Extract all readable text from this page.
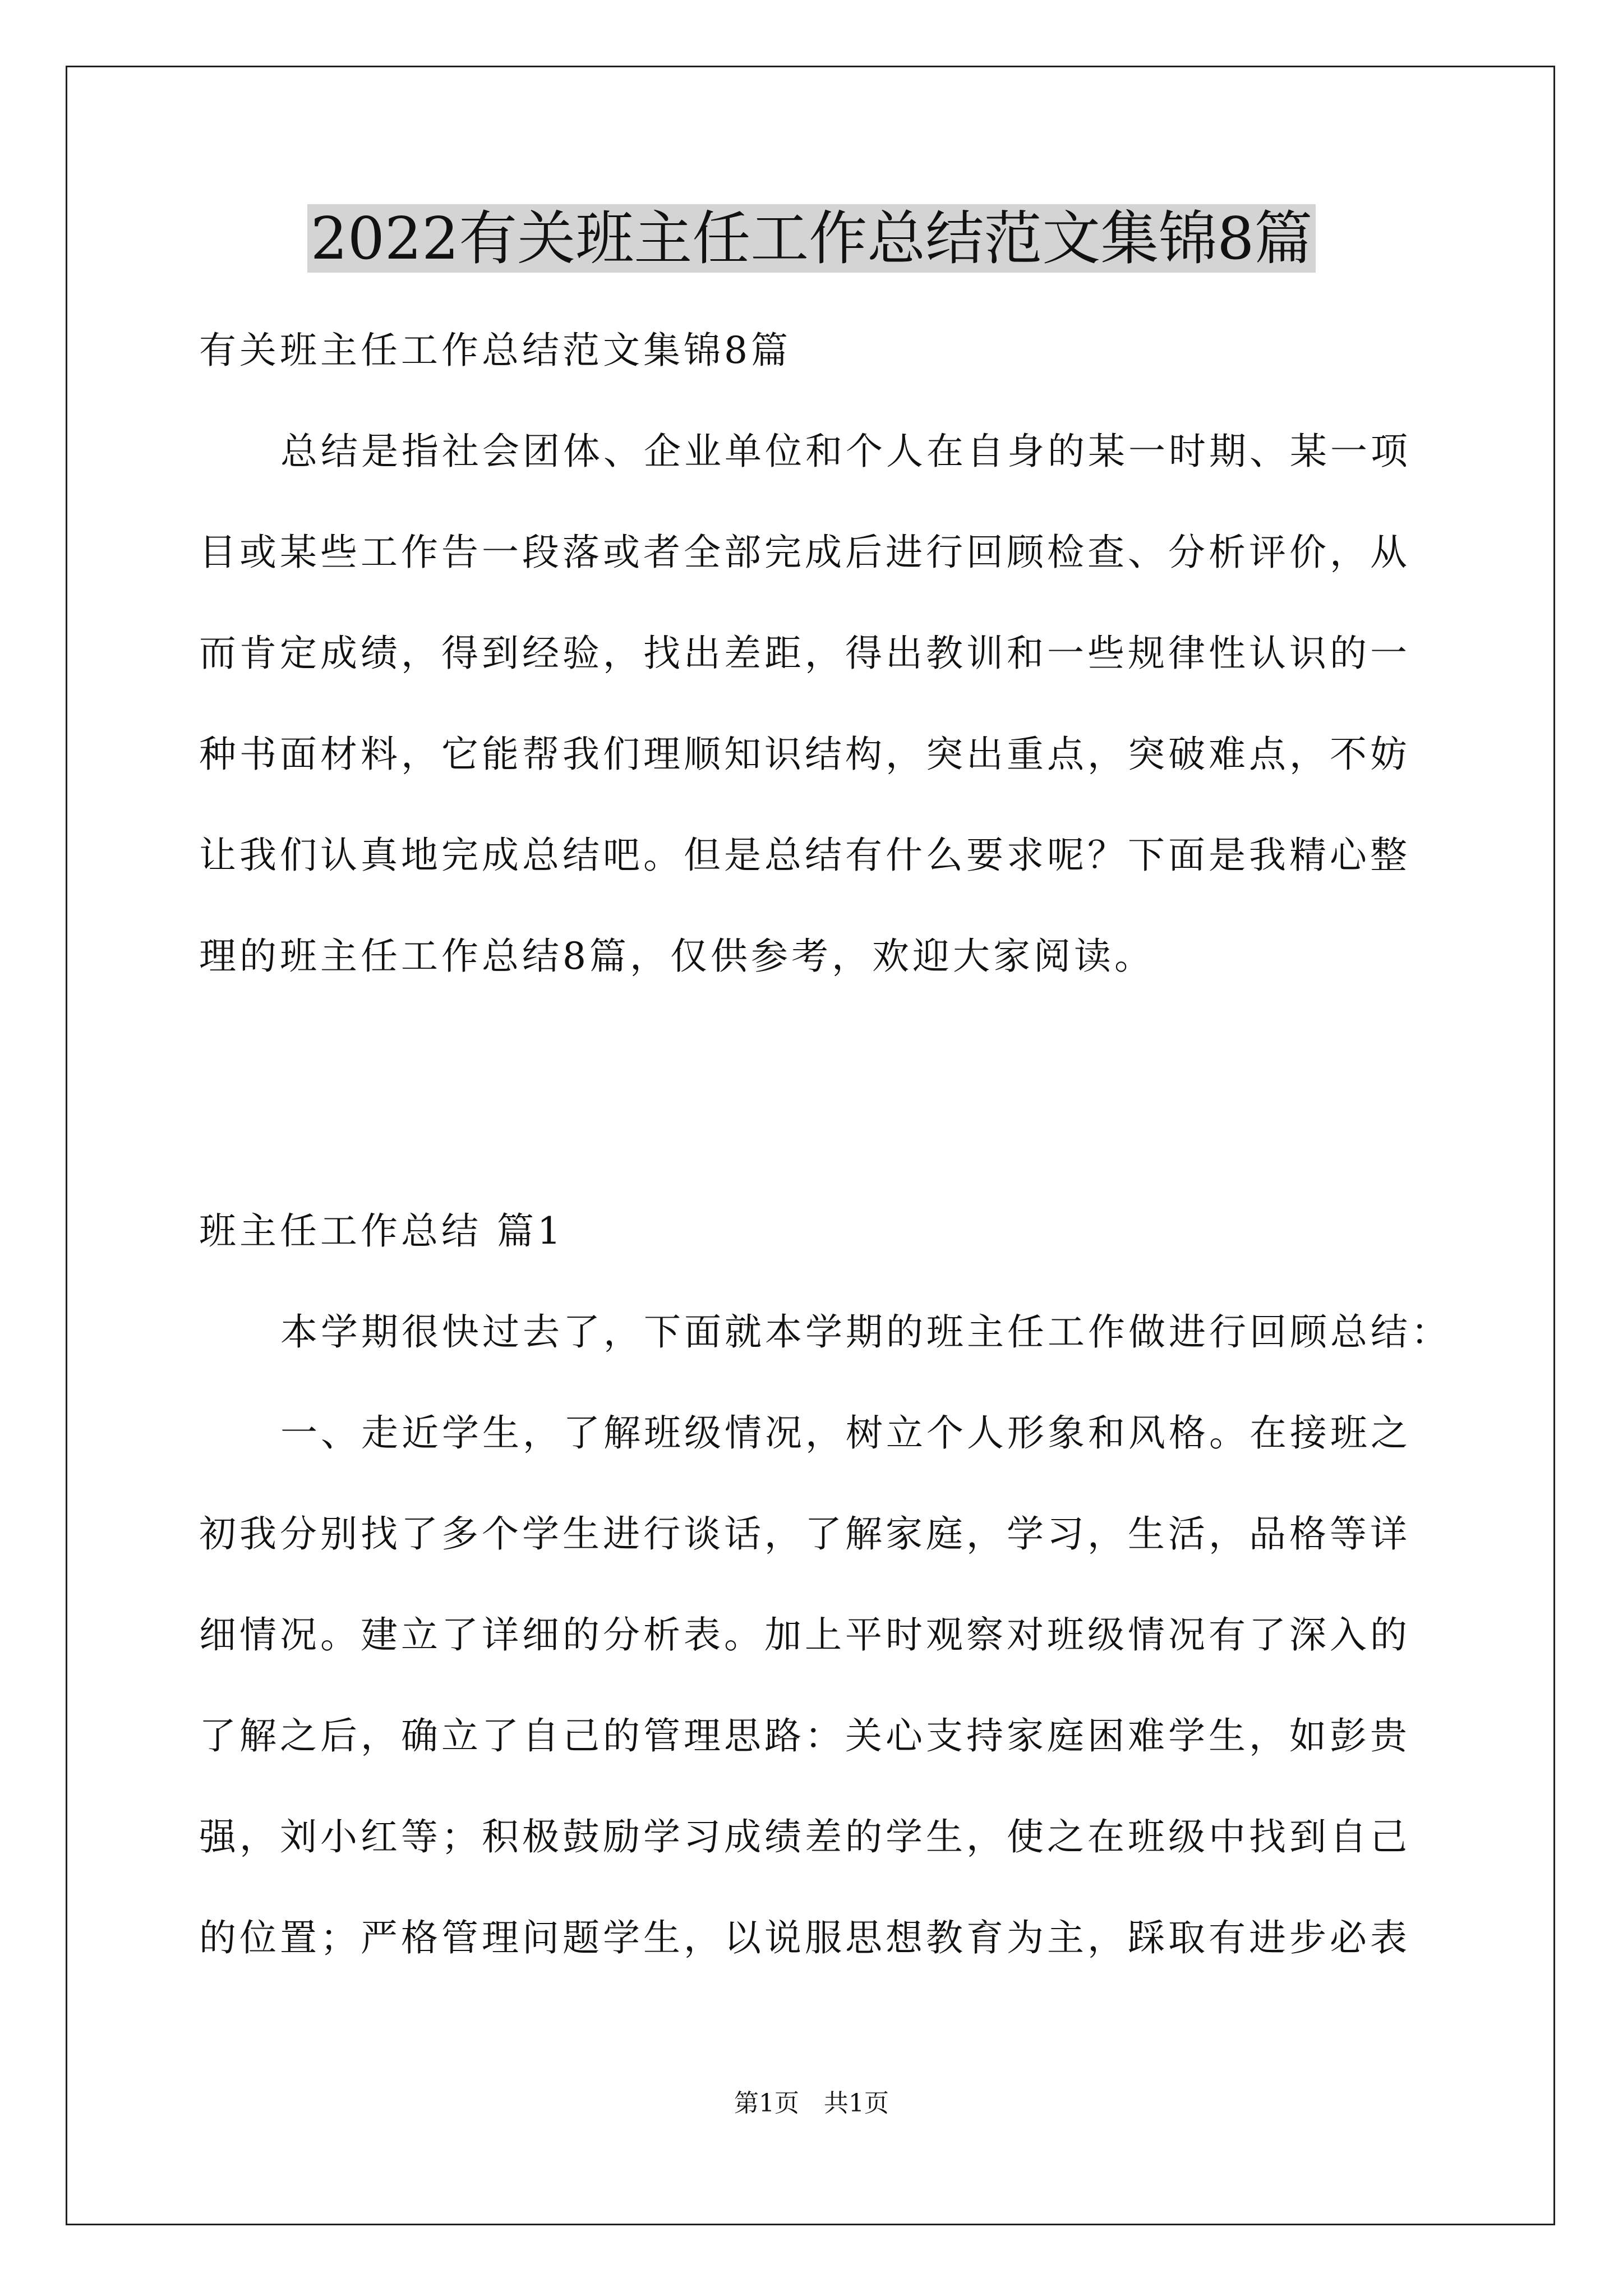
2022有关班主任工作总结范文集锦8篇
有关班主任工作总结范文集锦8篇
总结是指社会团体、企业单位和个人在自身的某一时期、某一项
目或某些工作告一段落或者全部完成后进行回顾检查、分析评价，从
而肯定成绩，得到经验，找出差距，得出教训和一些规律性认识的一
种书面材料，它能帮我们理顺知识结构，突出重点，突破难点，不妨
让我们认真地完成总结吧。但是总结有什么要求呢？下面是我精心整
理的班主任工作总结8篇，仅供参考，欢迎大家阅读。
班主任工作总结 篇1
本学期很快过去了，下面就本学期的班主任工作做进行回顾总结：
一、走近学生，了解班级情况，树立个人形象和风格。在接班之
初我分别找了多个学生进行谈话，了解家庭，学习，生活，品格等详
细情况。建立了详细的分析表。加上平时观察对班级情况有了深入的
了解之后，确立了自己的管理思路：关心支持家庭困难学生，如彭贵
强，刘小红等；积极鼓励学习成绩差的学生，使之在班级中找到自己
的位置；严格管理问题学生，以说服思想教育为主，踩取有进步必表
第1页　共1页
